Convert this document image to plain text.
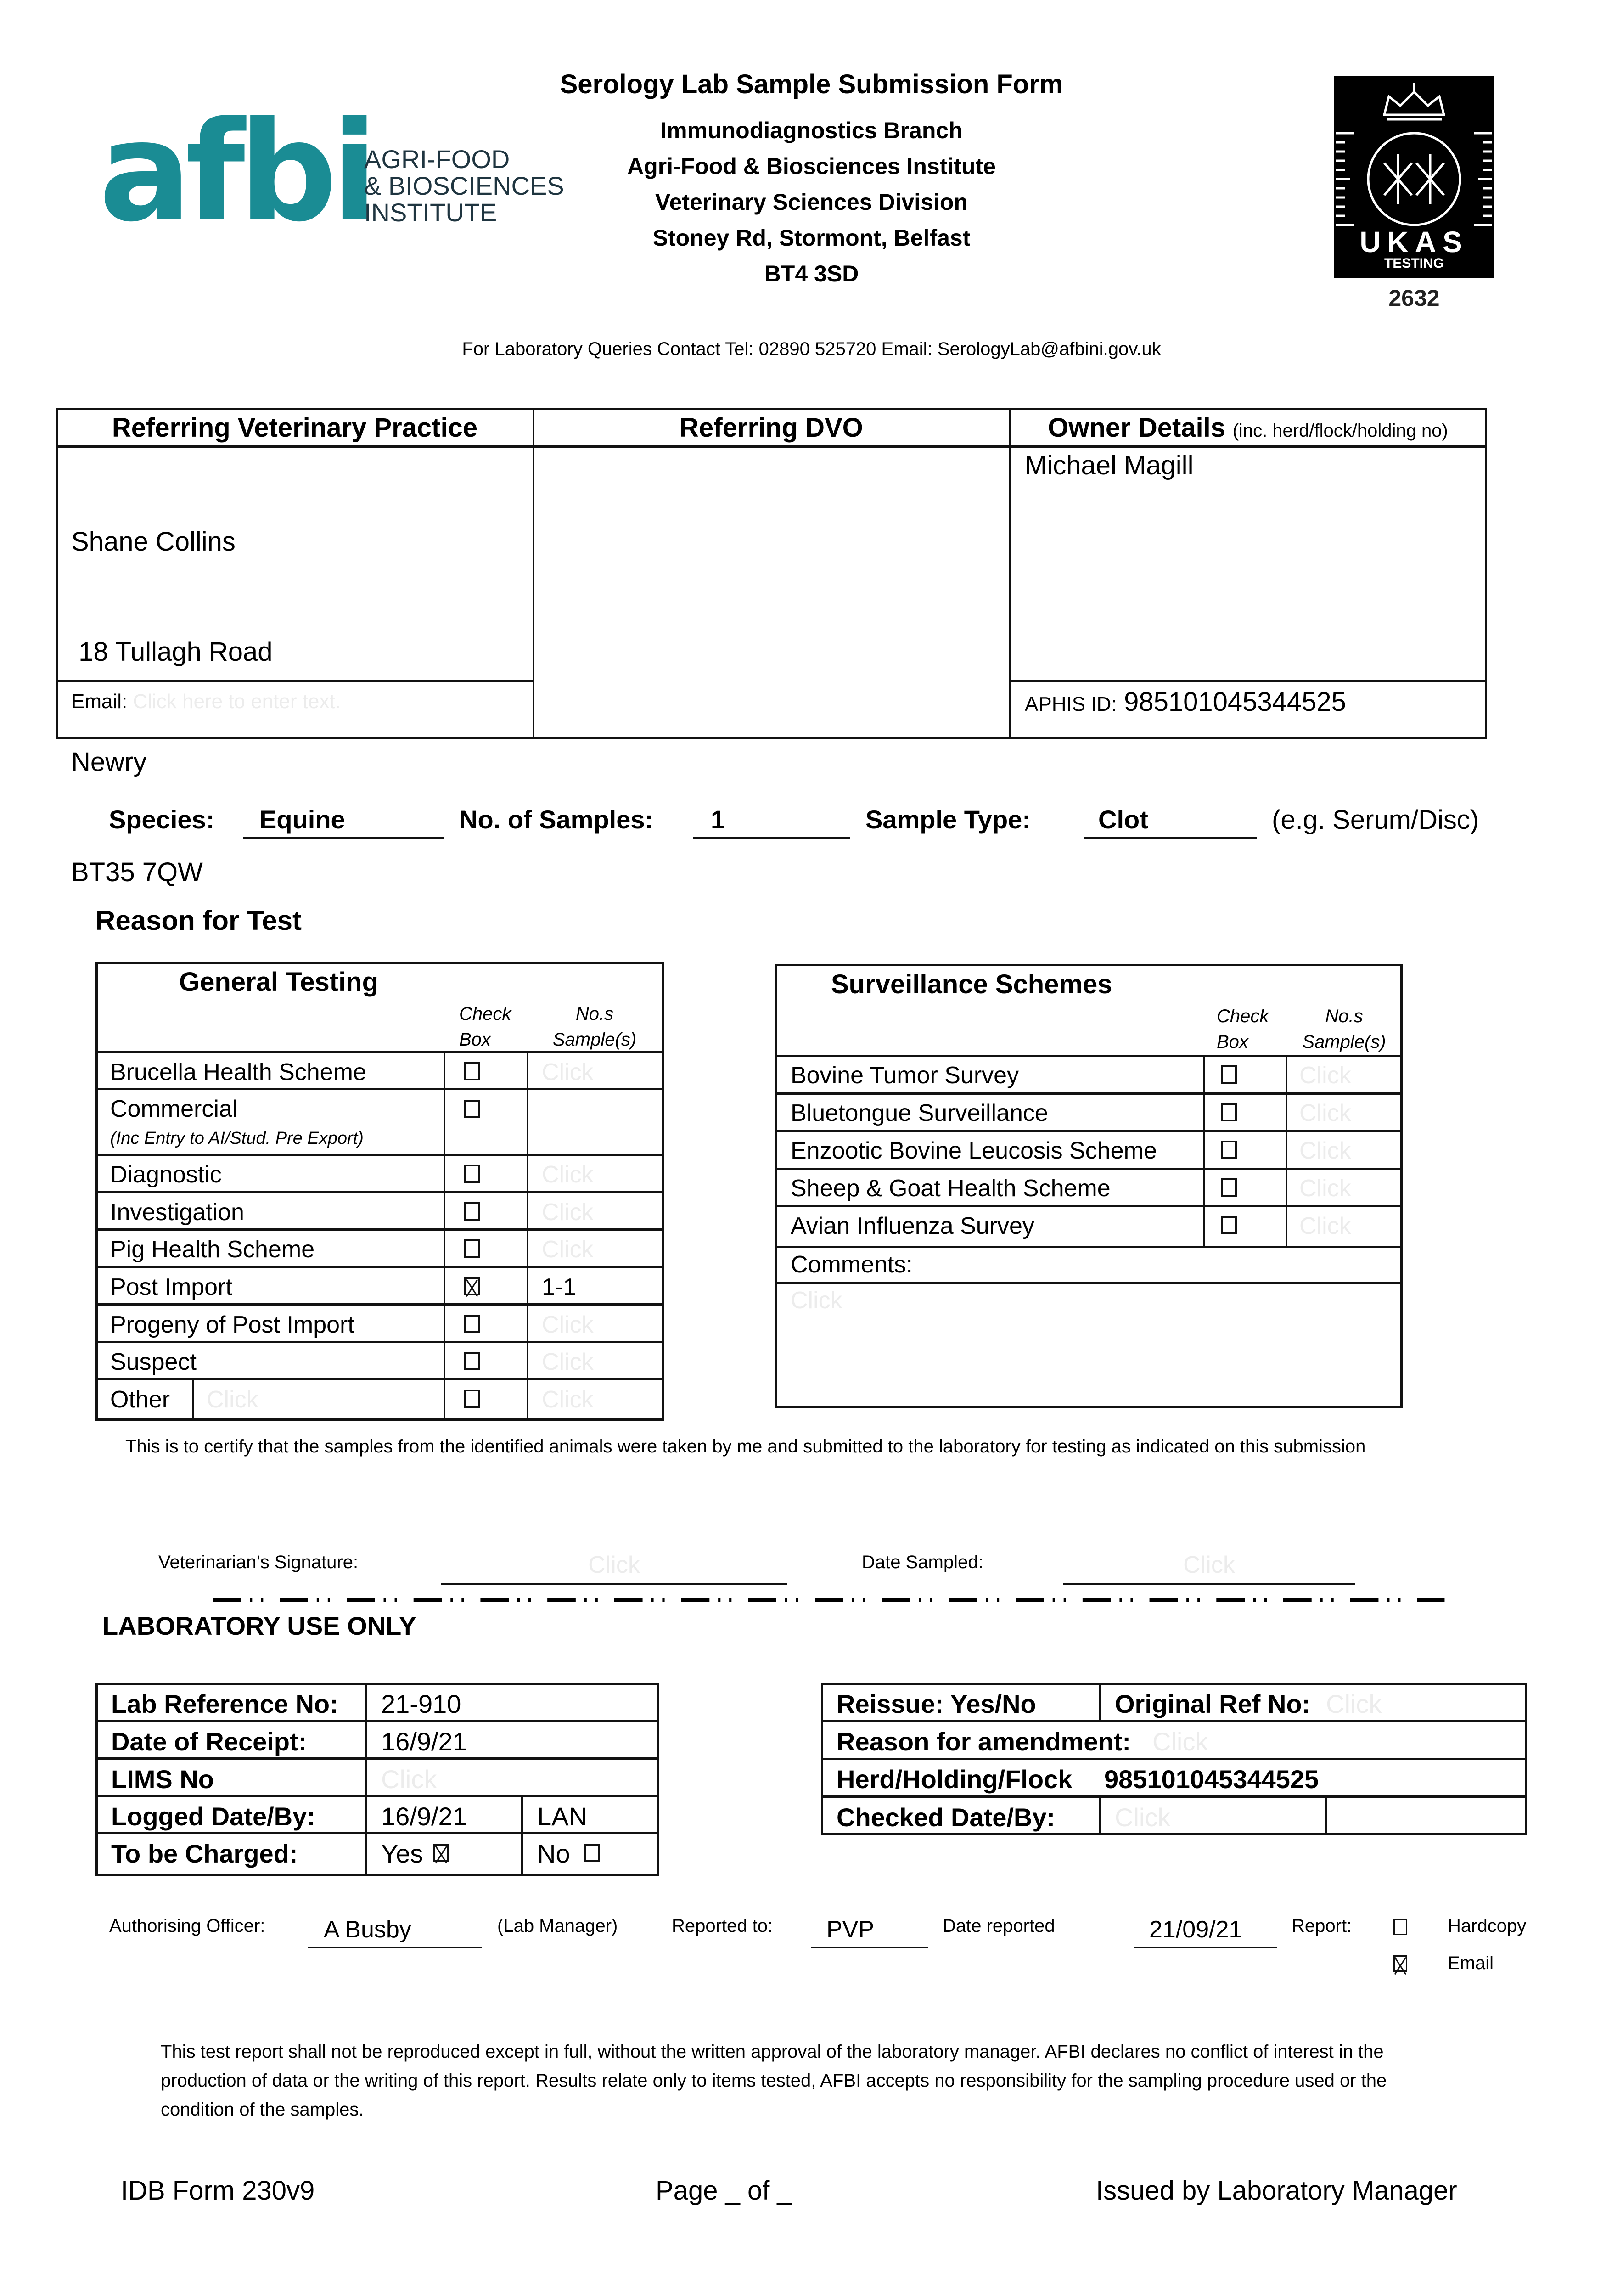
afbi
AGRI-FOOD
& BIOSCIENCES
INSTITUTE
Serology Lab Sample Submission Form
Immunodiagnostics Branch
Agri-Food & Biosciences Institute
Veterinary Sciences Division
Stoney Rd, Stormont, Belfast
BT4 3SD
UKAS
TESTING
2632
For Laboratory Queries Contact Tel: 02890 525720 Email: SerologyLab@afbini.gov.uk
Referring Veterinary Practice	Referring DVO	Owner Details (inc. herd/flock/holding no)

Shane Collins

18 Tullagh Road

Newry

BT35 7QW

Email: Click here to enter text.
Michael Magill
APHIS ID: 985101045344525
Species: Equine	No. of Samples: 1	Sample Type:	Clot	(e.g. Serum/Disc)
Reason for Test
General Testing
Check
Box
No.s
Sample(s)
Brucella Health Scheme	Click
Commercial
(Inc Entry to AI/Stud. Pre Export)
Diagnostic	Click
Investigation	Click
Pig Health Scheme	Click
Post Import	1-1
Progeny of Post Import	Click
Suspect	Click
Other Click	Click
Surveillance Schemes
Check
Box
No.s
Sample(s)
Bovine Tumor Survey	Click
Bluetongue Surveillance	Click
Enzootic Bovine Leucosis Scheme	Click
Sheep & Goat Health Scheme	Click
Avian Influenza Survey	Click
Comments:
Click
This is to certify that the samples from the identified animals were taken by me and submitted to the laboratory for testing as indicated on this submission
Veterinarian’s Signature:	Click	Date Sampled:	Click
LABORATORY USE ONLY
Lab Reference No: 21-910
Date of Receipt:	16/9/21
LIMS No	Click
Logged Date/By:	16/9/21	LAN
To be Charged:	Yes	No
Reissue: Yes/No	Original Ref No: Click
Reason for amendment: Click
Herd/Holding/Flock 985101045344525
Checked Date/By: Click
Authorising Officer: A Busby	(Lab Manager)	Reported to: PVP	Date reported	21/09/21	Report:	Hardcopy
Email
This test report shall not be reproduced except in full, without the written approval of the laboratory manager. AFBI declares no conflict of interest in the
production of data or the writing of this report. Results relate only to items tested, AFBI accepts no responsibility for the sampling procedure used or the
condition of the samples.
IDB Form 230v9	Page _ of _	Issued by Laboratory Manager
